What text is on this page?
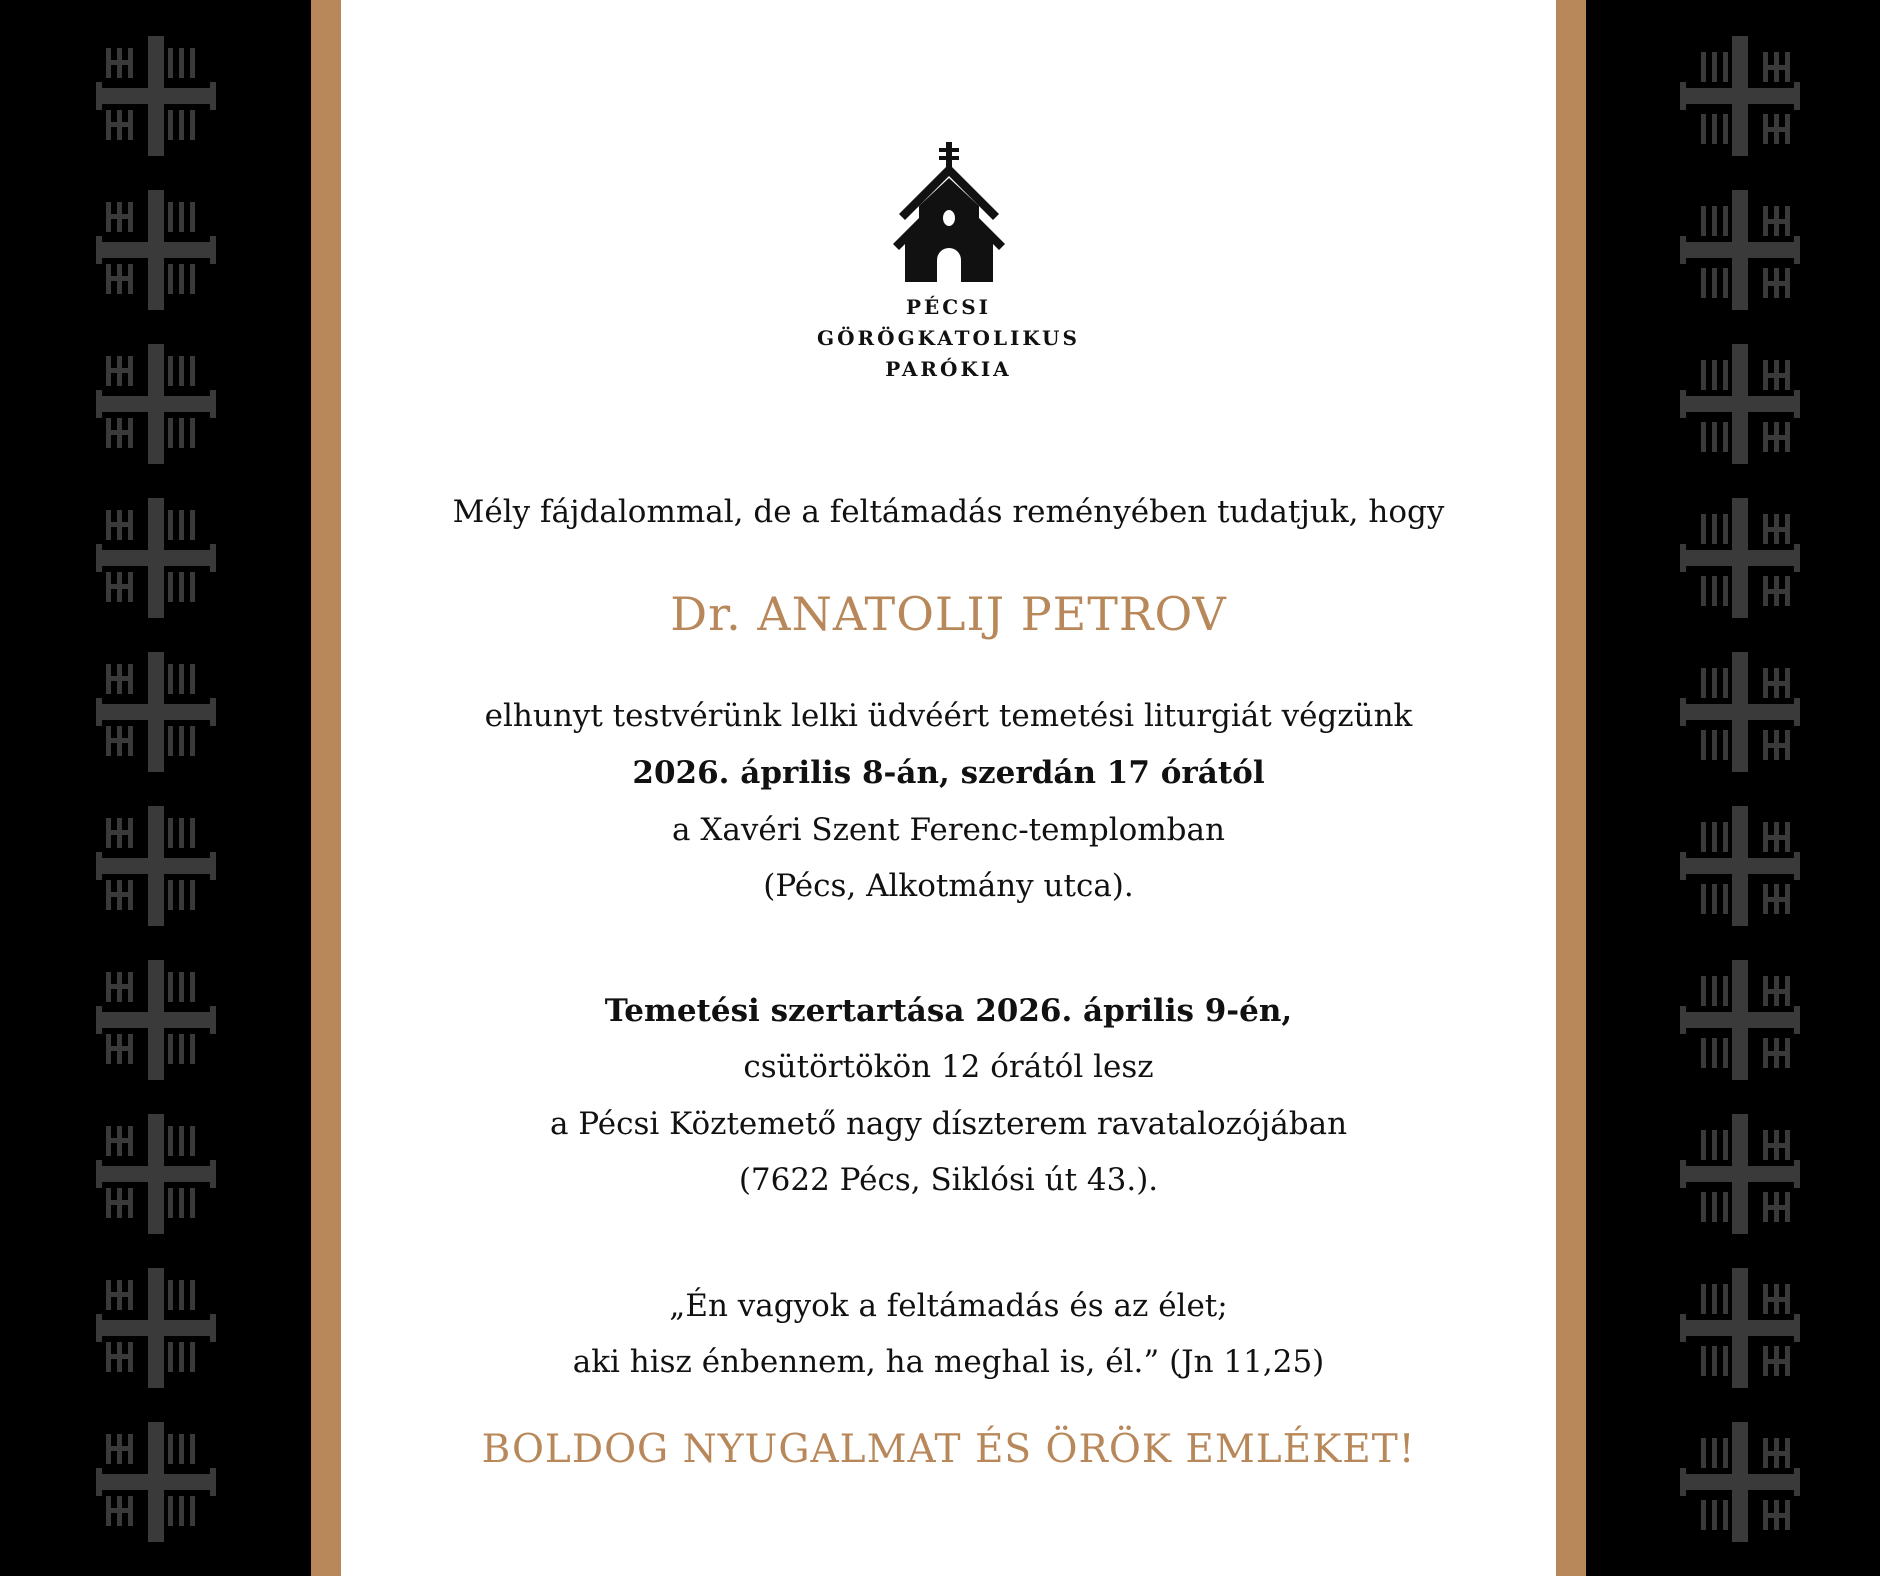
PÉCSI
GÖRÖGKATOLIKUS
PARÓKIA
Mély fájdalommal, de a feltámadás reményében tudatjuk, hogy
Dr. ANATOLIJ PETROV
elhunyt testvérünk lelki üdvéért temetési liturgiát végzünk
2026. április 8-án, szerdán 17 órától
a Xavéri Szent Ferenc-templomban
(Pécs, Alkotmány utca).
Temetési szertartása 2026. április 9-én,
csütörtökön 12 órától lesz
a Pécsi Köztemető nagy díszterem ravatalozójában
(7622 Pécs, Siklósi út 43.).
„Én vagyok a feltámadás és az élet;
aki hisz énbennem, ha meghal is, él.” (Jn 11,25)
BOLDOG NYUGALMAT ÉS ÖRÖK EMLÉKET!
